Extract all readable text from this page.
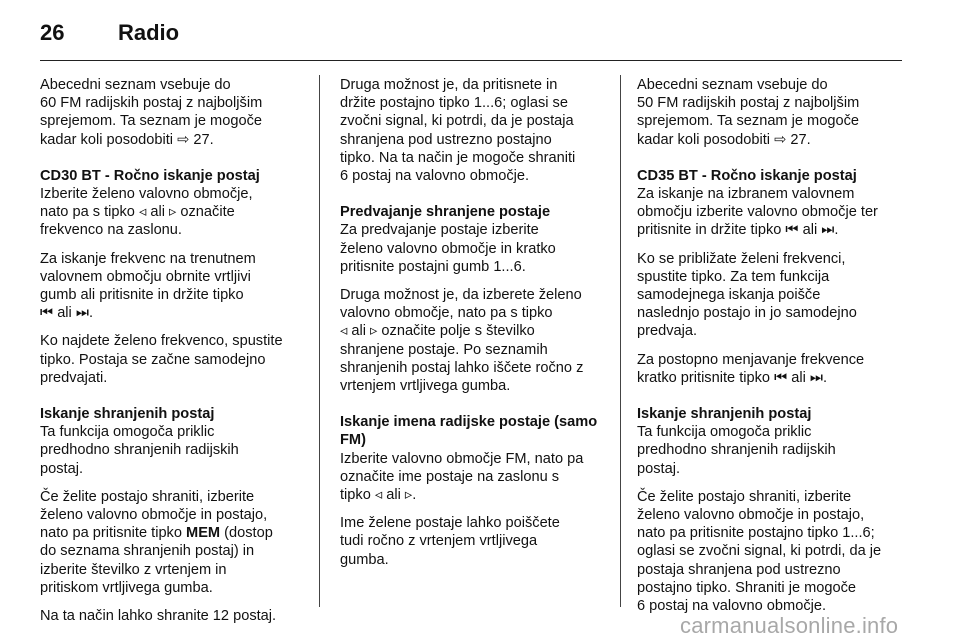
26	Radio

Abecedni seznam vsebuje do
60 FM radijskih postaj z najboljšim
sprejemom. Ta seznam je mogoče
kadar koli posodobiti ⇨ 27.

CD30 BT - Ročno iskanje postaj

Izberite želeno valovno območje,
nato pa s tipko ◃ ali ▹ označite
frekvenco na zaslonu.

Za iskanje frekvenc na trenutnem
valovnem območju obrnite vrtljivi
gumb ali pritisnite in držite tipko
⏮ ali ⏭.

Ko najdete želeno frekvenco, spustite
tipko. Postaja se začne samodejno
predvajati.

Iskanje shranjenih postaj

Ta funkcija omogoča priklic
predhodno shranjenih radijskih
postaj.

Če želite postajo shraniti, izberite
želeno valovno območje in postajo,
nato pa pritisnite tipko MEM (dostop
do seznama shranjenih postaj) in
izberite številko z vrtenjem in
pritiskom vrtljivega gumba.

Na ta način lahko shranite 12 postaj.

Druga možnost je, da pritisnete in
držite postajno tipko 1...6; oglasi se
zvočni signal, ki potrdi, da je postaja
shranjena pod ustrezno postajno
tipko. Na ta način je mogoče shraniti
6 postaj na valovno območje.

Predvajanje shranjene postaje

Za predvajanje postaje izberite
želeno valovno območje in kratko
pritisnite postajni gumb 1...6.

Druga možnost je, da izberete želeno
valovno območje, nato pa s tipko
◃ ali ▹ označite polje s številko
shranjene postaje. Po seznamih
shranjenih postaj lahko iščete ročno z
vrtenjem vrtljivega gumba.

Iskanje imena radijske postaje (samo
FM)

Izberite valovno območje FM, nato pa
označite ime postaje na zaslonu s
tipko ◃ ali ▹.

Ime želene postaje lahko poiščete
tudi ročno z vrtenjem vrtljivega
gumba.

Abecedni seznam vsebuje do
50 FM radijskih postaj z najboljšim
sprejemom. Ta seznam je mogoče
kadar koli posodobiti ⇨ 27.

CD35 BT - Ročno iskanje postaj

Za iskanje na izbranem valovnem
območju izberite valovno območje ter
pritisnite in držite tipko ⏮ ali ⏭.

Ko se približate želeni frekvenci,
spustite tipko. Za tem funkcija
samodejnega iskanja poišče
naslednjo postajo in jo samodejno
predvaja.

Za postopno menjavanje frekvence
kratko pritisnite tipko ⏮ ali ⏭.

Iskanje shranjenih postaj

Ta funkcija omogoča priklic
predhodno shranjenih radijskih
postaj.

Če želite postajo shraniti, izberite
želeno valovno območje in postajo,
nato pa pritisnite postajno tipko 1...6;
oglasi se zvočni signal, ki potrdi, da je
postaja shranjena pod ustrezno
postajno tipko. Shraniti je mogoče
6 postaj na valovno območje.

carmanualsonline.info
